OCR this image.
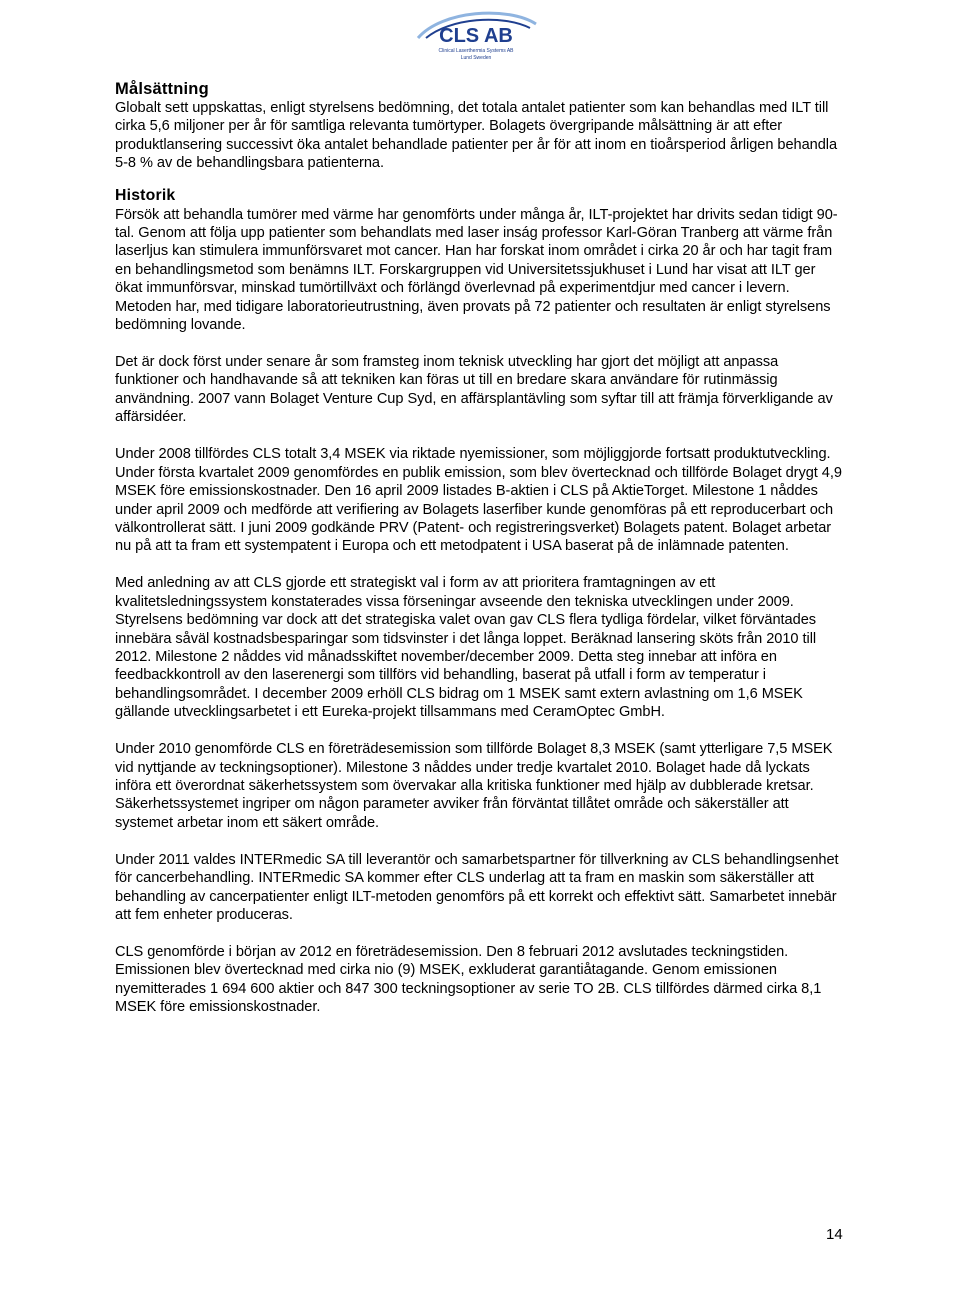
CLS AB
Clinical Laserthermia Systems AB
Lund Sweden
Målsättning

Globalt sett uppskattas, enligt styrelsens bedömning, det totala antalet patienter som kan behandlas med ILT till cirka 5,6 miljoner per år för samtliga relevanta tumörtyper. Bolagets övergripande målsättning är att efter produktlansering successivt öka antalet behandlade patienter per år för att inom en tioårsperiod årligen behandla 5-8 % av de behandlingsbara patienterna.

Historik

Försök att behandla tumörer med värme har genomförts under många år, ILT-projektet har drivits sedan tidigt 90-tal. Genom att följa upp patienter som behandlats med laser inság professor Karl-Göran Tranberg att värme från laserljus kan stimulera immunförsvaret mot cancer. Han har forskat inom området i cirka 20 år och har tagit fram en behandlingsmetod som benämns ILT. Forskargruppen vid Universitetssjukhuset i Lund har visat att ILT ger ökat immunförsvar, minskad tumörtillväxt och förlängd överlevnad på experimentdjur med cancer i levern. Metoden har, med tidigare laboratorieutrustning, även provats på 72 patienter och resultaten är enligt styrelsens bedömning lovande.

Det är dock först under senare år som framsteg inom teknisk utveckling har gjort det möjligt att anpassa funktioner och handhavande så att tekniken kan föras ut till en bredare skara användare för rutinmässig användning. 2007 vann Bolaget Venture Cup Syd, en affärsplantävling som syftar till att främja förverkligande av affärsidéer.

Under 2008 tillfördes CLS totalt 3,4 MSEK via riktade nyemissioner, som möjliggjorde fortsatt produktutveckling. Under första kvartalet 2009 genomfördes en publik emission, som blev övertecknad och tillförde Bolaget drygt 4,9 MSEK före emissionskostnader. Den 16 april 2009 listades B-aktien i CLS på AktieTorget. Milestone 1 nåddes under april 2009 och medförde att verifiering av Bolagets laserfiber kunde genomföras på ett reproducerbart och välkontrollerat sätt. I juni 2009 godkände PRV (Patent- och registreringsverket) Bolagets patent. Bolaget arbetar nu på att ta fram ett systempatent i Europa och ett metodpatent i USA baserat på de inlämnade patenten.

Med anledning av att CLS gjorde ett strategiskt val i form av att prioritera framtagningen av ett kvalitetsledningssystem konstaterades vissa förseningar avseende den tekniska utvecklingen under 2009. Styrelsens bedömning var dock att det strategiska valet ovan gav CLS flera tydliga fördelar, vilket förväntades innebära såväl kostnadsbesparingar som tidsvinster i det långa loppet. Beräknad lansering sköts från 2010 till 2012. Milestone 2 nåddes vid månadsskiftet november/december 2009. Detta steg innebar att införa en feedbackkontroll av den laserenergi som tillförs vid behandling, baserat på utfall i form av temperatur i behandlingsområdet. I december 2009 erhöll CLS bidrag om 1 MSEK samt extern avlastning om 1,6 MSEK gällande utvecklingsarbetet i ett Eureka-projekt tillsammans med CeramOptec GmbH.

Under 2010 genomförde CLS en företrädesemission som tillförde Bolaget 8,3 MSEK (samt ytterligare 7,5 MSEK vid nyttjande av teckningsoptioner). Milestone 3 nåddes under tredje kvartalet 2010. Bolaget hade då lyckats införa ett överordnat säkerhetssystem som övervakar alla kritiska funktioner med hjälp av dubblerade kretsar. Säkerhetssystemet ingriper om någon parameter avviker från förväntat tillåtet område och säkerställer att systemet arbetar inom ett säkert område.

Under 2011 valdes INTERmedic SA till leverantör och samarbetspartner för tillverkning av CLS behandlingsenhet för cancerbehandling. INTERmedic SA kommer efter CLS underlag att ta fram en maskin som säkerställer att behandling av cancerpatienter enligt ILT-metoden genomförs på ett korrekt och effektivt sätt. Samarbetet innebär att fem enheter produceras.

CLS genomförde i början av 2012 en företrädesemission. Den 8 februari 2012 avslutades teckningstiden. Emissionen blev övertecknad med cirka nio (9) MSEK, exkluderat garantiåtagande. Genom emissionen nyemitterades 1 694 600 aktier och 847 300 teckningsoptioner av serie TO 2B. CLS tillfördes därmed cirka 8,1 MSEK före emissionskostnader.

14
